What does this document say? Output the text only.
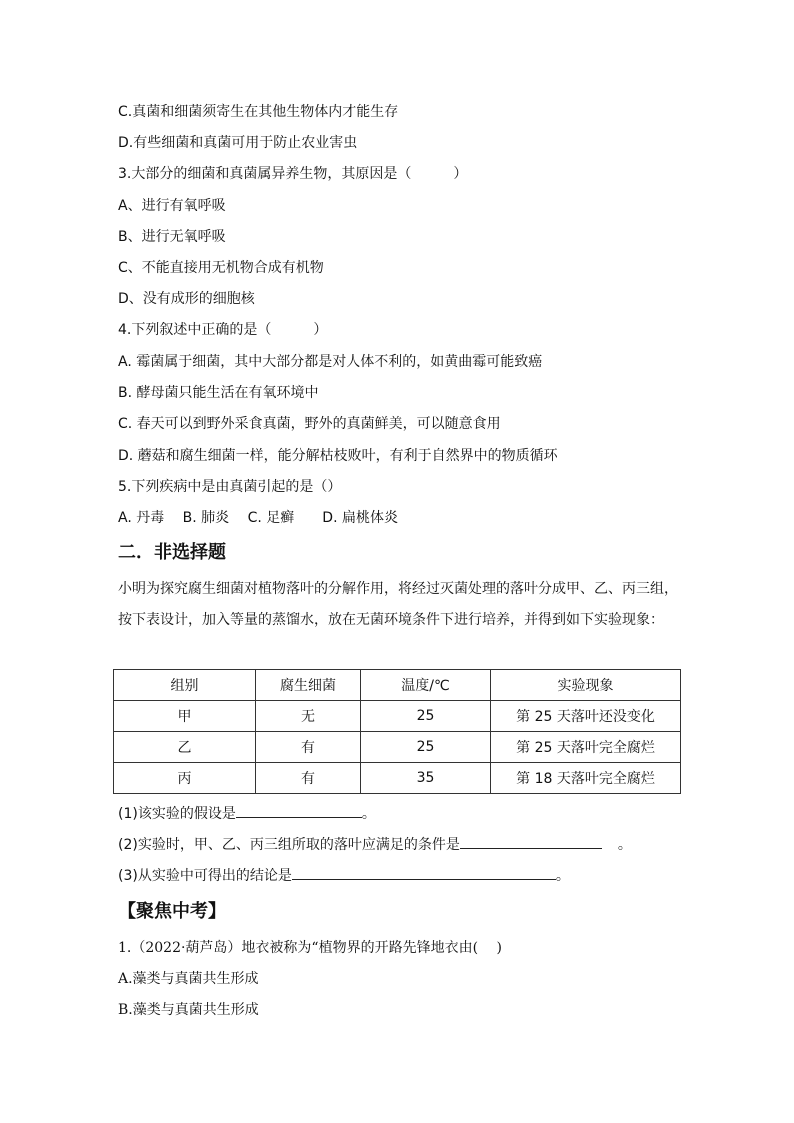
C.真菌和细菌须寄生在其他生物体内才能生存
D.有些细菌和真菌可用于防止农业害虫
3.大部分的细菌和真菌属异养生物，其原因是（　　　）
A、进行有氧呼吸
B、进行无氧呼吸
C、不能直接用无机物合成有机物
D、没有成形的细胞核
4.下列叙述中正确的是（　　　）
A. 霉菌属于细菌，其中大部分都是对人体不利的，如黄曲霉可能致癌
B. 酵母菌只能生活在有氧环境中
C. 春天可以到野外采食真菌，野外的真菌鲜美，可以随意食用
D. 蘑菇和腐生细菌一样，能分解枯枝败叶，有利于自然界中的物质循环
5.下列疾病中是由真菌引起的是（）
A. 丹毒　 B. 肺炎　 C. 足癣　　D. 扁桃体炎
二．非选择题
小明为探究腐生细菌对植物落叶的分解作用，将经过灭菌处理的落叶分成甲、乙、丙三组，按下表设计，加入等量的蒸馏水，放在无菌环境条件下进行培养，并得到如下实验现象：
组别	腐生细菌	温度/℃	实验现象
甲	无	25	第 25 天落叶还没变化
乙	有	25	第 25 天落叶完全腐烂
丙	有	35	第 18 天落叶完全腐烂
(1)该实验的假设是	。
(2)实验时，甲、乙、丙三组所取的落叶应满足的条件是	。
(3)从实验中可得出的结论是	。
【聚焦中考】
1.（2022·葫芦岛）地衣被称为“植物界的开路先锋地衣由(　 )
A.藻类与真菌共生形成
B.藻类与真菌共生形成
